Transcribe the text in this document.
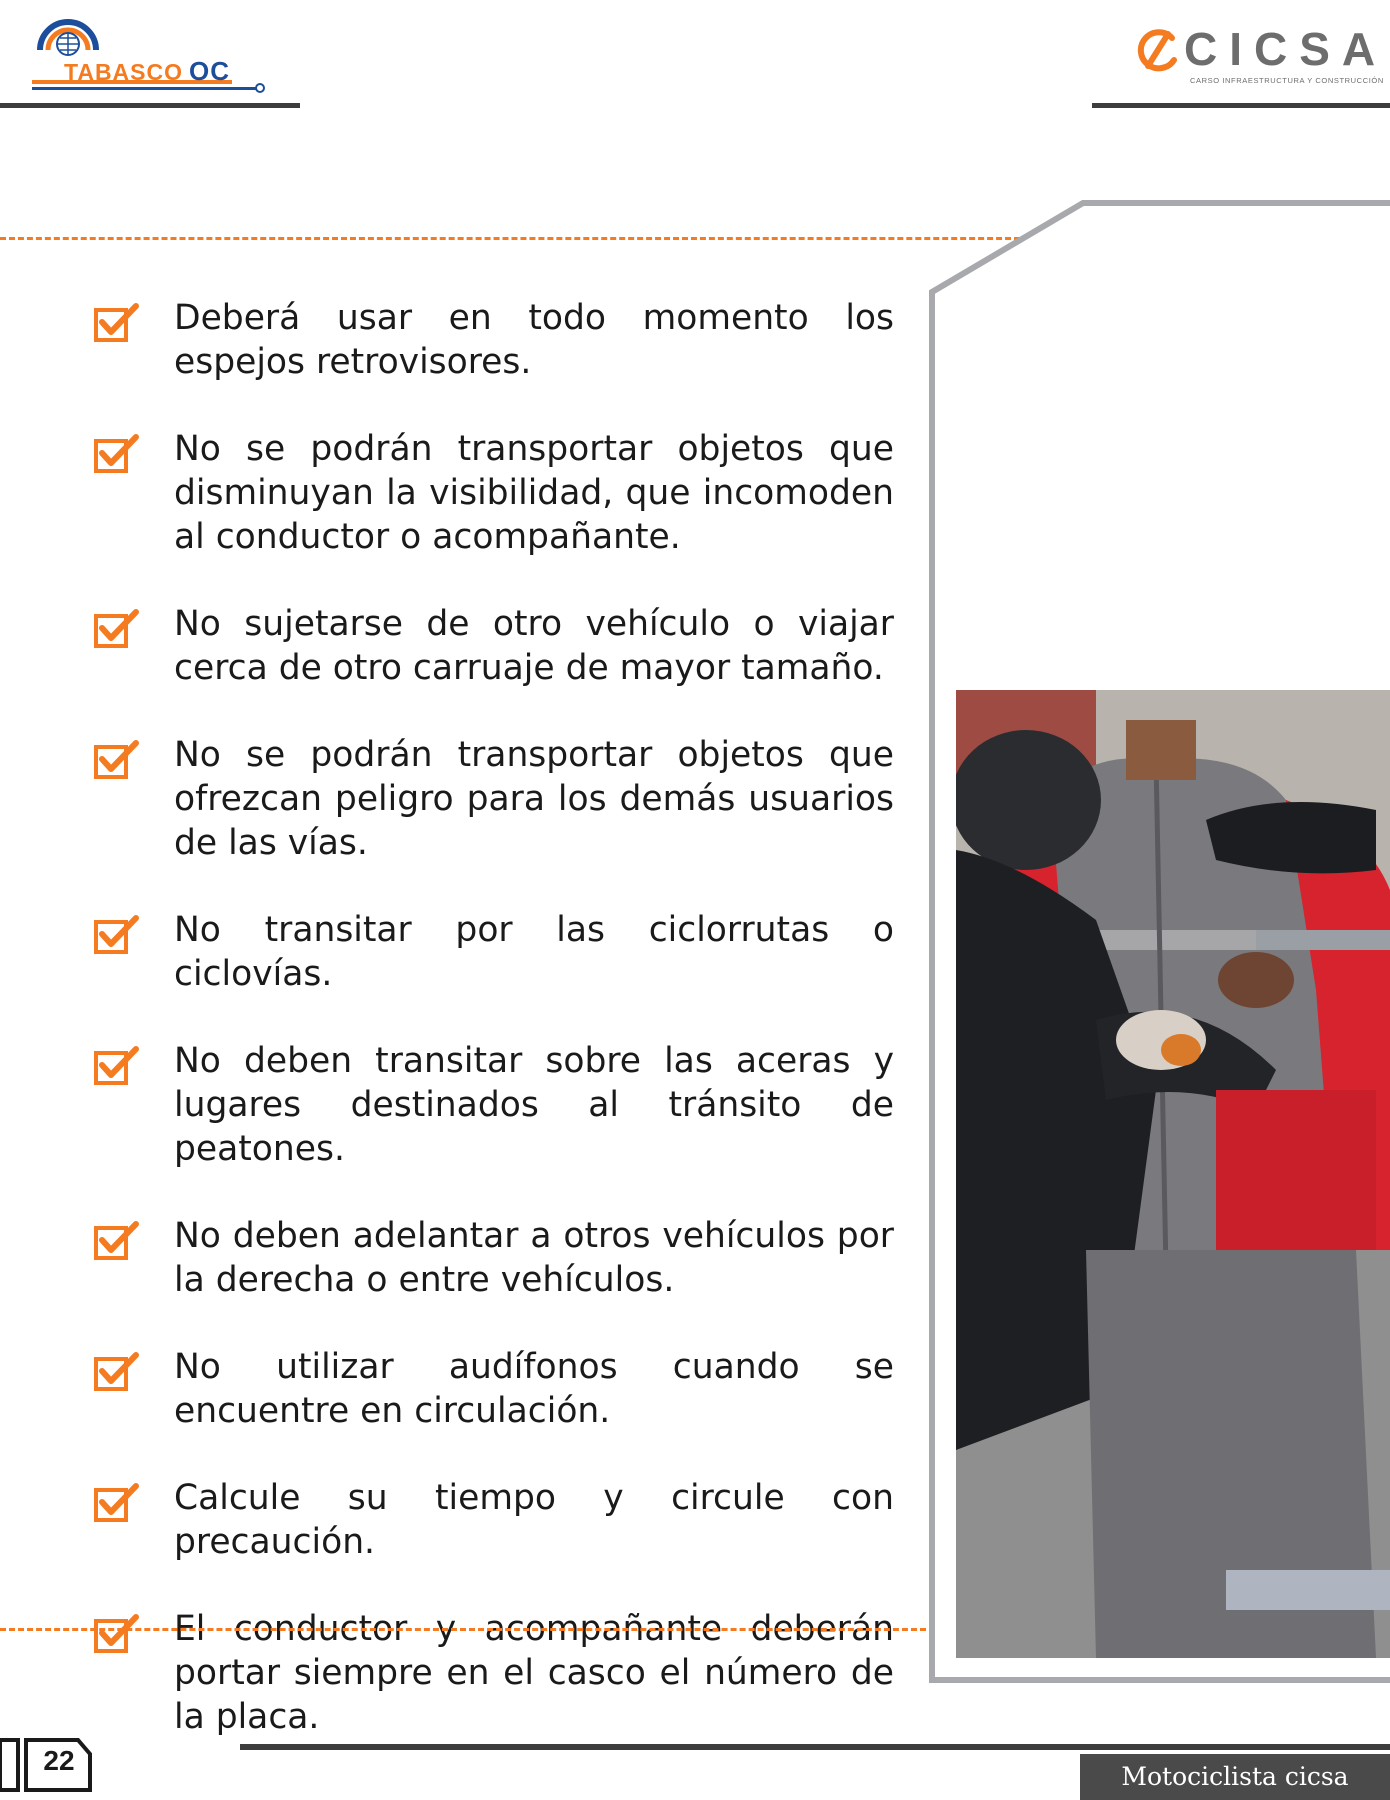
TABASCO OC	CICSA
CARSO INFRAESTRUCTURA Y CONSTRUCCIÓN
Deberá usar en todo momento los espejos retrovisores.
No se podrán transportar objetos que disminuyan la visibilidad, que incomoden al conductor o acompañante.
No sujetarse de otro vehículo o viajar cerca de otro carruaje de mayor tamaño.
No se podrán transportar objetos que ofrezcan peligro para los demás usuarios de las vías.
No transitar por las ciclorrutas o ciclovías.
No deben transitar sobre las aceras y lugares destinados al tránsito de peatones.
No deben adelantar a otros vehículos por la derecha o entre vehículos.
No utilizar audífonos cuando se encuentre en circulación.
Calcule su tiempo y circule con precaución.
El conductor y acompañante deberán portar siempre en el casco el número de la placa.
22
Motociclista cicsa
